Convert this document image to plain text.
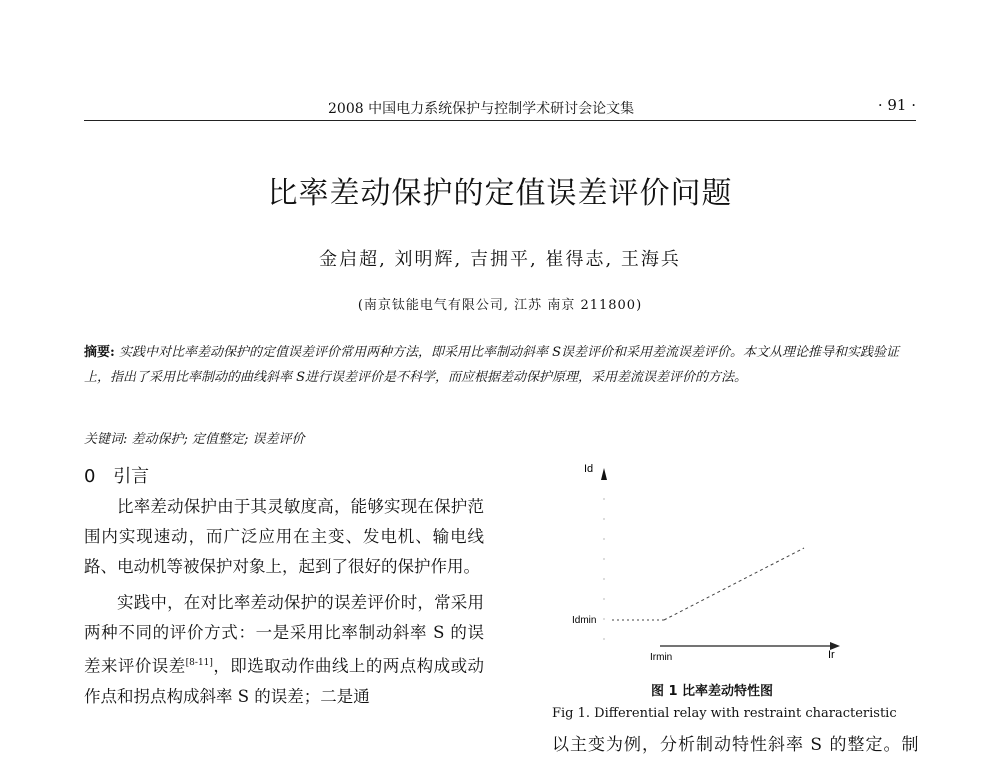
2008 中国电力系统保护与控制学术研讨会论文集	· 91 ·
比率差动保护的定值误差评价问题
金启超, 刘明辉, 吉拥平, 崔得志, 王海兵
(南京钛能电气有限公司, 江苏 南京 211800)
摘要: 实践中对比率差动保护的定值误差评价常用两种方法，即采用比率制动斜率 S误差评价和采用差流误差评价。本文从理论推导和实践验证上，指出了采用比率制动的曲线斜率 S进行误差评价是不科学，而应根据差动保护原理，采用差流误差评价的方法。
关键词: 差动保护; 定值整定; 误差评价
0 引言

比率差动保护由于其灵敏度高，能够实现在保护范围内实现速动，而广泛应用在主变、发电机、输电线路、电动机等被保护对象上，起到了很好的保护作用。

实践中，在对比率差动保护的误差评价时，常采用两种不同的评价方式：一是采用比率制动斜率 S 的误差来评价误差[8-11]，即选取动作曲线上的两点构成或动作点和拐点构成斜率 S 的误差；二是通

Id
Ir
Idmin
Irmin
图 1 比率差动特性图
Fig 1. Differential relay with restraint characteristic
以主变为例，分析制动特性斜率 S 的整定。制
